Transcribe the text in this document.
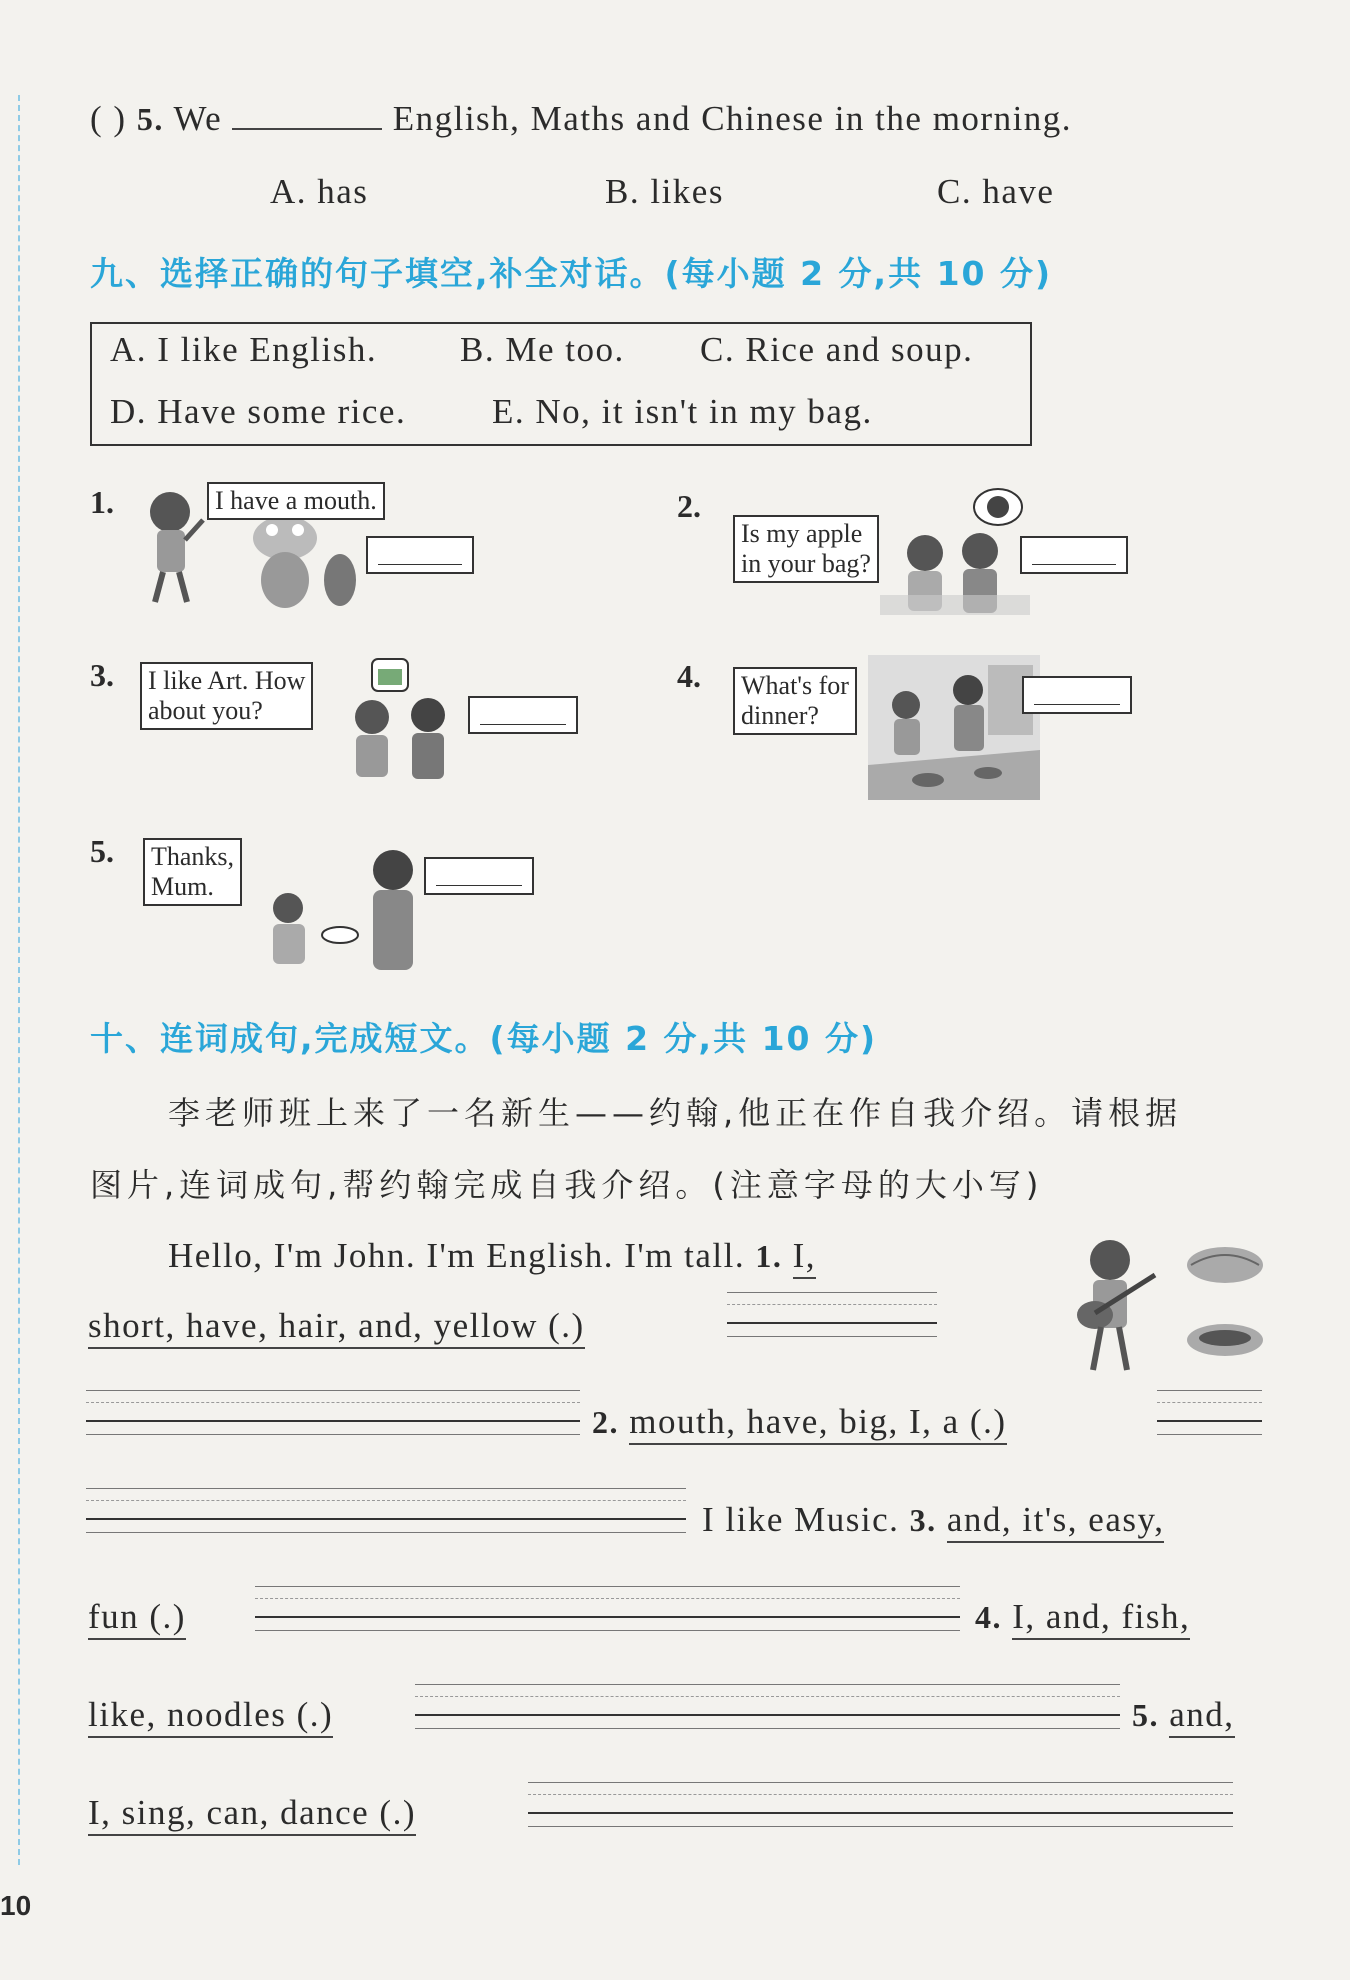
( ) 5. We	English, Maths and Chinese in the morning.
A. has	B. likes	C. have
九、选择正确的句子填空,补全对话。(每小题 2 分,共 10 分)
A. I like English. B. Me too. C. Rice and soup.
D. Have some rice. E. No, it isn't in my bag.
1.	I have a mouth.	2.
Is my apple
in your bag?
3. I like Art. How
about you?
4. What's for
dinner?
5. Thanks,
Mum.
十、连词成句,完成短文。(每小题 2 分,共 10 分)
李老师班上来了一名新生——约翰,他正在作自我介绍。请根据
图片,连词成句,帮约翰完成自我介绍。(注意字母的大小写)
Hello, I'm John. I'm English. I'm tall. 1. I,
short, have, hair, and, yellow (.)
2. mouth, have, big, I, a (.)
I like Music. 3. and, it's, easy,
fun (.)	4. I, and, fish,
like, noodles (.)	5. and,
I, sing, can, dance (.)
10
